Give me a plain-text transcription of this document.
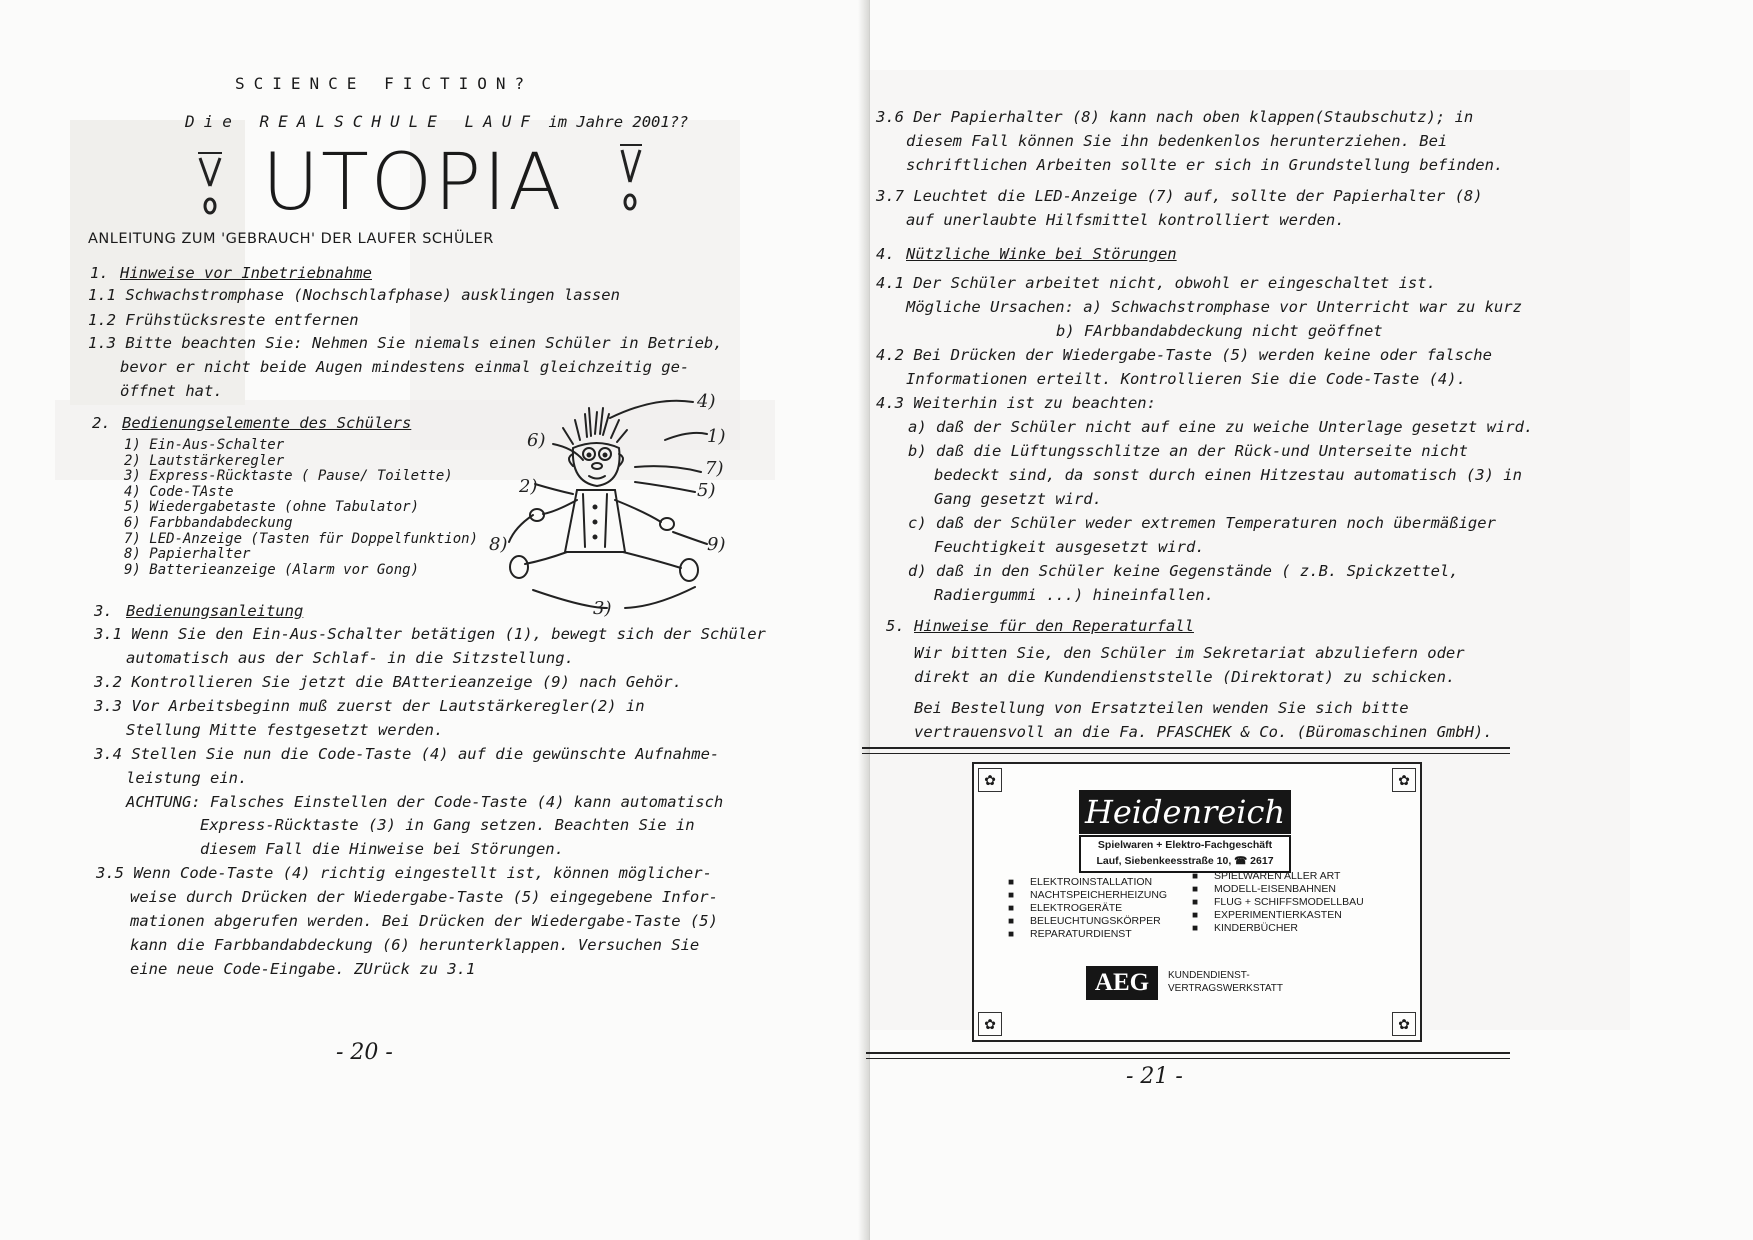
SCIENCE FICTION?
Die REALSCHULE LAUF im Jahre 2001??
UTOPIA
ANLEITUNG ZUM 'GEBRAUCH' DER LAUFER SCHÜLER
1. Hinweise vor Inbetriebnahme
1.1 Schwachstromphase (Nochschlafphase) ausklingen lassen
1.2 Frühstücksreste entfernen
1.3 Bitte beachten Sie: Nehmen Sie niemals einen Schüler in Betrieb,
bevor er nicht beide Augen mindestens einmal gleichzeitig ge-
öffnet hat.
2. Bedienungselemente des Schülers
1) Ein-Aus-Schalter
2) Lautstärkeregler
3) Express-Rücktaste ( Pause/ Toilette)
4) Code-TAste
5) Wiedergabetaste (ohne Tabulator)
6) Farbbandabdeckung
7) LED-Anzeige (Tasten für Doppelfunktion)
8) Papierhalter
9) Batterieanzeige (Alarm vor Gong)
4)
6)	1)
7)
2)	5)
8)	9)
3)
3. Bedienungsanleitung
3.1 Wenn Sie den Ein-Aus-Schalter betätigen (1), bewegt sich der Schüler
automatisch aus der Schlaf- in die Sitzstellung.
3.2 Kontrollieren Sie jetzt die BAtterieanzeige (9) nach Gehör.
3.3 Vor Arbeitsbeginn muß zuerst der Lautstärkeregler(2) in
Stellung Mitte festgesetzt werden.
3.4 Stellen Sie nun die Code-Taste (4) auf die gewünschte Aufnahme-
leistung ein.
ACHTUNG: Falsches Einstellen der Code-Taste (4) kann automatisch
Express-Rücktaste (3) in Gang setzen. Beachten Sie in
diesem Fall die Hinweise bei Störungen.
3.5 Wenn Code-Taste (4) richtig eingestellt ist, können möglicher-
weise durch Drücken der Wiedergabe-Taste (5) eingegebene Infor-
mationen abgerufen werden. Bei Drücken der Wiedergabe-Taste (5)
kann die Farbbandabdeckung (6) herunterklappen. Versuchen Sie
eine neue Code-Eingabe. ZUrück zu 3.1
- 20 -
3.6 Der Papierhalter (8) kann nach oben klappen(Staubschutz); in
diesem Fall können Sie ihn bedenkenlos herunterziehen. Bei
schriftlichen Arbeiten sollte er sich in Grundstellung befinden.
3.7 Leuchtet die LED-Anzeige (7) auf, sollte der Papierhalter (8)
auf unerlaubte Hilfsmittel kontrolliert werden.
4. Nützliche Winke bei Störungen
4.1 Der Schüler arbeitet nicht, obwohl er eingeschaltet ist.
Mögliche Ursachen: a) Schwachstromphase vor Unterricht war zu kurz
b) FArbbandabdeckung nicht geöffnet
4.2 Bei Drücken der Wiedergabe-Taste (5) werden keine oder falsche
Informationen erteilt. Kontrollieren Sie die Code-Taste (4).
4.3 Weiterhin ist zu beachten:
a) daß der Schüler nicht auf eine zu weiche Unterlage gesetzt wird.
b) daß die Lüftungsschlitze an der Rück-und Unterseite nicht
bedeckt sind, da sonst durch einen Hitzestau automatisch (3) in
Gang gesetzt wird.
c) daß der Schüler weder extremen Temperaturen noch übermäßiger
Feuchtigkeit ausgesetzt wird.
d) daß in den Schüler keine Gegenstände ( z.B. Spickzettel,
Radiergummi ...) hineinfallen.
5. Hinweise für den Reperaturfall
Wir bitten Sie, den Schüler im Sekretariat abzuliefern oder
direkt an die Kundendienststelle (Direktorat) zu schicken.
Bei Bestellung von Ersatzteilen wenden Sie sich bitte
vertrauensvoll an die Fa. PFASCHEK & Co. (Büromaschinen GmbH).
✿	✿
✿	✿
Heidenreich
Spielwaren + Elektro-Fachgeschäft
Lauf, Siebenkeesstraße 10, ☎ 2617
■ ELEKTROINSTALLATION
■ NACHTSPEICHERHEIZUNG
■ ELEKTROGERÄTE
■ BELEUCHTUNGSKÖRPER
■ REPARATURDIENST
■ SPIELWAREN ALLER ART
■ MODELL-EISENBAHNEN
■ FLUG + SCHIFFSMODELLBAU
■ EXPERIMENTIERKASTEN
■ KINDERBÜCHER
AEG	KUNDENDIENST-
VERTRAGSWERKSTATT
- 21 -
